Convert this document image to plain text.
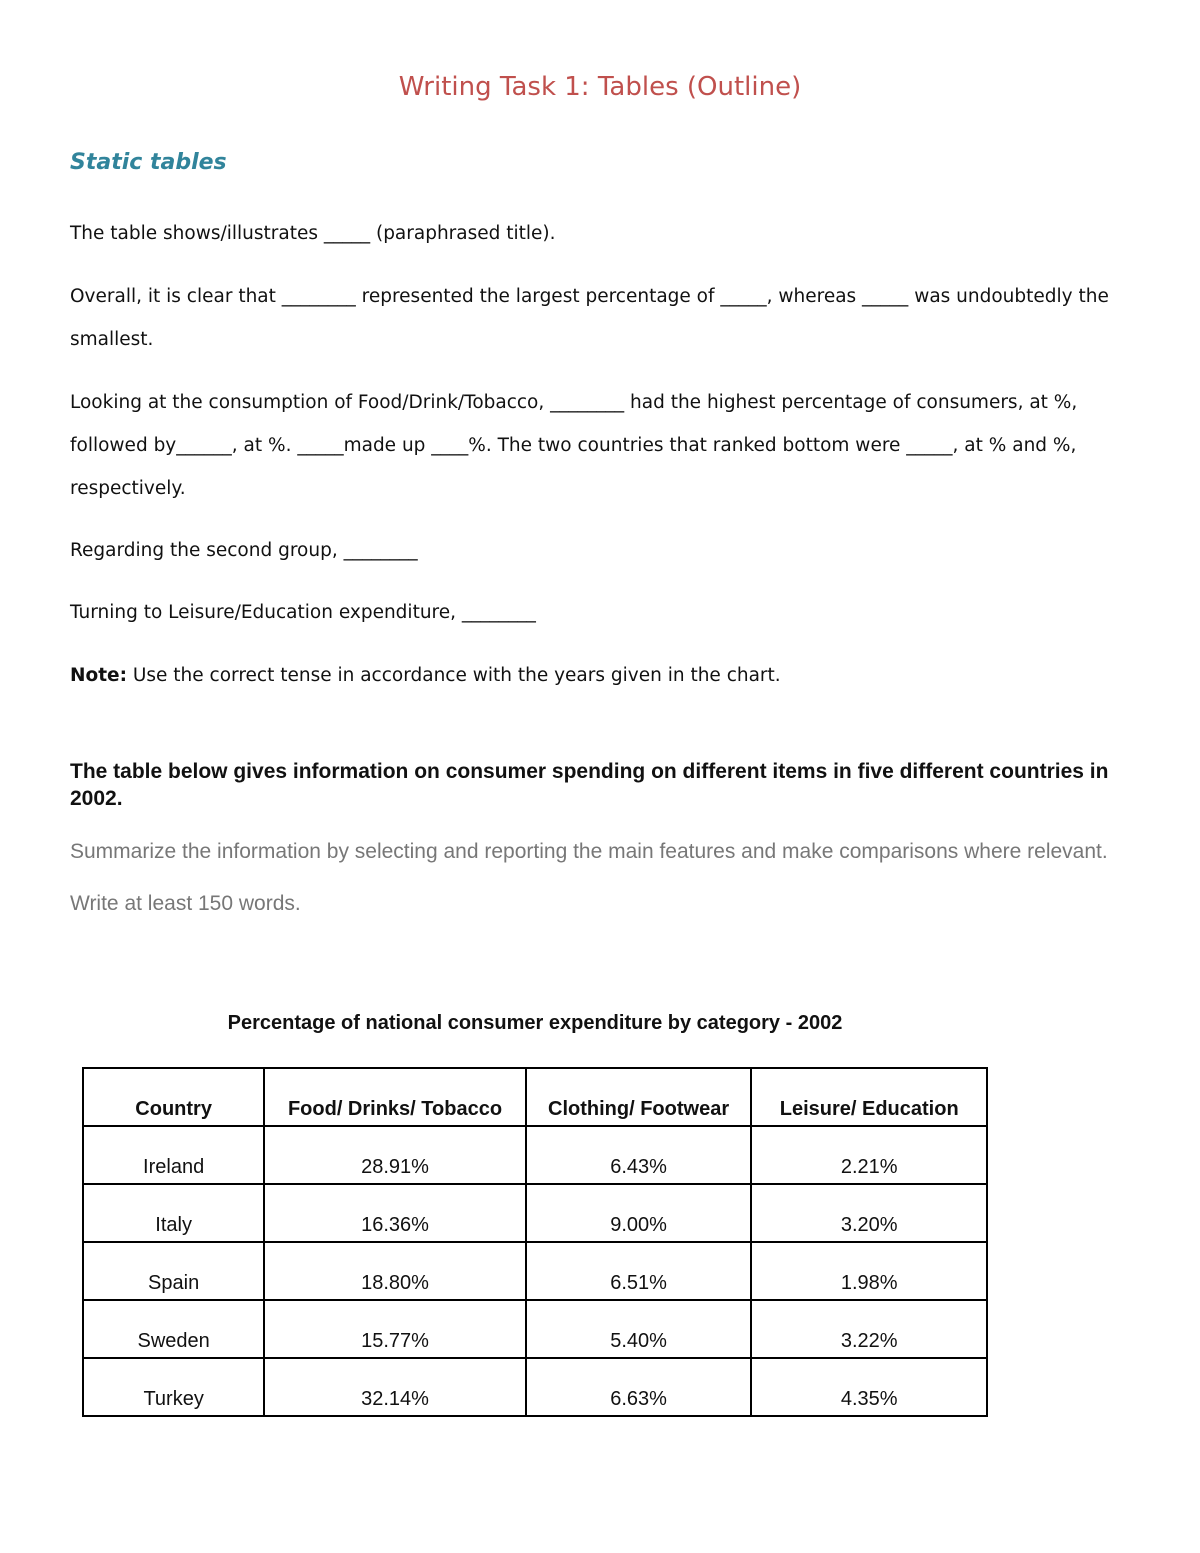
Writing Task 1: Tables (Outline)
Static tables

The table shows/illustrates _____ (paraphrased title).

Overall, it is clear that ________ represented the largest percentage of _____, whereas _____ was undoubtedly the smallest.

Looking at the consumption of Food/Drink/Tobacco, ________ had the highest percentage of consumers, at %, followed by______, at %. _____made up ____%. The two countries that ranked bottom were _____, at % and %, respectively.

Regarding the second group, ________

Turning to Leisure/Education expenditure, ________

Note: Use the correct tense in accordance with the years given in the chart.

The table below gives information on consumer spending on different items in five different countries in 2002.

Summarize the information by selecting and reporting the main features and make comparisons where relevant. Write at least 150 words.

Percentage of national consumer expenditure by category - 2002

Country	Food/ Drinks/ Tobacco	Clothing/ Footwear	Leisure/ Education
Ireland	28.91%	6.43%	2.21%
Italy	16.36%	9.00%	3.20%
Spain	18.80%	6.51%	1.98%
Sweden	15.77%	5.40%	3.22%
Turkey	32.14%	6.63%	4.35%
